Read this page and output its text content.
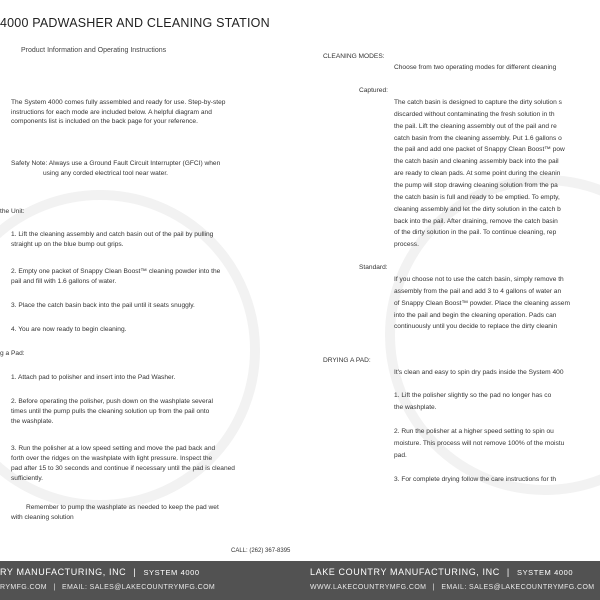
4000 PADWASHER AND CLEANING STATION
Product Information and Operating Instructions
The System 4000 comes fully assembled and ready for use. Step-by-step
instructions for each mode are included below. A helpful diagram and
components list is included on the back page for your reference.
Safety Note: Always use a Ground Fault Circuit Interrupter (GFCI) when
using any corded electrical tool near water.
the Unit:
1. Lift the cleaning assembly and catch basin out of the pail by pulling
straight up on the blue bump out grips.
2. Empty one packet of Snappy Clean Boost™ cleaning powder into the
pail and fill with 1.6 gallons of water.
3. Place the catch basin back into the pail until it seats snuggly.
4. You are now ready to begin cleaning.
g a Pad:
1. Attach pad to polisher and insert into the Pad Washer.
2. Before operating the polisher, push down on the washplate several
times until the pump pulls the cleaning solution up from the pail onto
the washplate.
3. Run the polisher at a low speed setting and move the pad back and
forth over the ridges on the washplate with light pressure. Inspect the
pad after 15 to 30 seconds and continue if necessary until the pad is cleaned
sufficiently.
Remember to pump the washplate as needed to keep the pad wet
with cleaning solution
CLEANING MODES:
Choose from two operating modes for different cleaning
Captured:
The catch basin is designed to capture the dirty solution s
discarded without contaminating the fresh solution in th
the pail. Lift the cleaning assembly out of the pail and re
catch basin from the cleaning assembly. Put 1.6 gallons o
the pail and add one packet of Snappy Clean Boost™ pow
the catch basin and cleaning assembly back into the pail
are ready to clean pads. At some point during the cleanin
the pump will stop drawing cleaning solution from the pa
the catch basin is full and ready to be emptied. To empty,
cleaning assembly and let the dirty solution in the catch b
back into the pail. After draining, remove the catch basin
of the dirty solution in the pail. To continue cleaning, rep
process.
Standard:
If you choose not to use the catch basin, simply remove th
assembly from the pail and add 3 to 4 gallons of water an
of Snappy Clean Boost™ powder. Place the cleaning assem
into the pail and begin the cleaning operation. Pads can
continuously until you decide to replace the dirty cleanin
DRYING A PAD:
It's clean and easy to spin dry pads inside the System 400
1. Lift the polisher slightly so the pad no longer has co
the washplate.
2. Run the polisher at a higher speed setting to spin ou
moisture. This process will not remove 100% of the moistu
pad.
3. For complete drying follow the care instructions for th
CALL: (262) 367-8395
RY MANUFACTURING, INC | SYSTEM 4000
RYMFG.COM | EMAIL: SALES@LAKECOUNTRYMFG.COM
LAKE COUNTRY MANUFACTURING, INC | SYSTEM 4000
WWW.LAKECOUNTRYMFG.COM | EMAIL: SALES@LAKECOUNTRYMFG.COM
